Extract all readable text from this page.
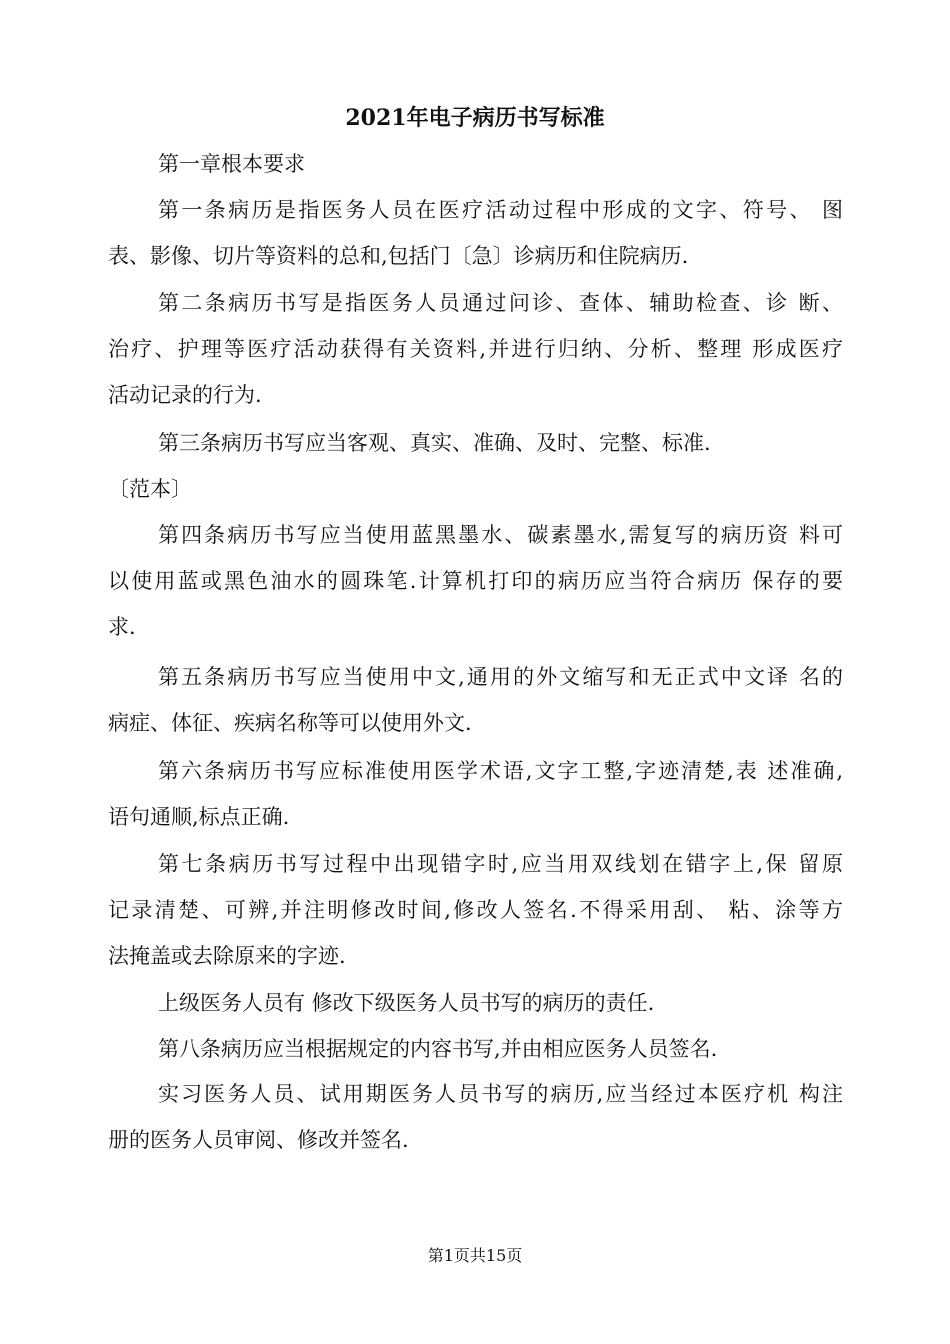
2021年电子病历书写标准
第一章根本要求
第一条病历是指医务人员在医疗活动过程中形成的文字、符号、 图
表、影像、切片等资料的总和,包括门〔急〕诊病历和住院病历.
第二条病历书写是指医务人员通过问诊、查体、辅助检查、诊 断、
治疗、护理等医疗活动获得有关资料,并进行归纳、分析、整理 形成医疗
活动记录的行为.
第三条病历书写应当客观、真实、准确、及时、完整、标准.
〔范本〕
第四条病历书写应当使用蓝黑墨水、碳素墨水,需复写的病历资 料可
以使用蓝或黑色油水的圆珠笔.计算机打印的病历应当符合病历 保存的要
求.
第五条病历书写应当使用中文,通用的外文缩写和无正式中文译 名的
病症、体征、疾病名称等可以使用外文.
第六条病历书写应标准使用医学术语,文字工整,字迹清楚,表 述准确,
语句通顺,标点正确.
第七条病历书写过程中出现错字时,应当用双线划在错字上,保 留原
记录清楚、可辨,并注明修改时间,修改人签名.不得采用刮、 粘、涂等方
法掩盖或去除原来的字迹.
上级医务人员有 修改下级医务人员书写的病历的责任.
第八条病历应当根据规定的内容书写,并由相应医务人员签名.
实习医务人员、试用期医务人员书写的病历,应当经过本医疗机 构注
册的医务人员审阅、修改并签名.
第1页共15页
